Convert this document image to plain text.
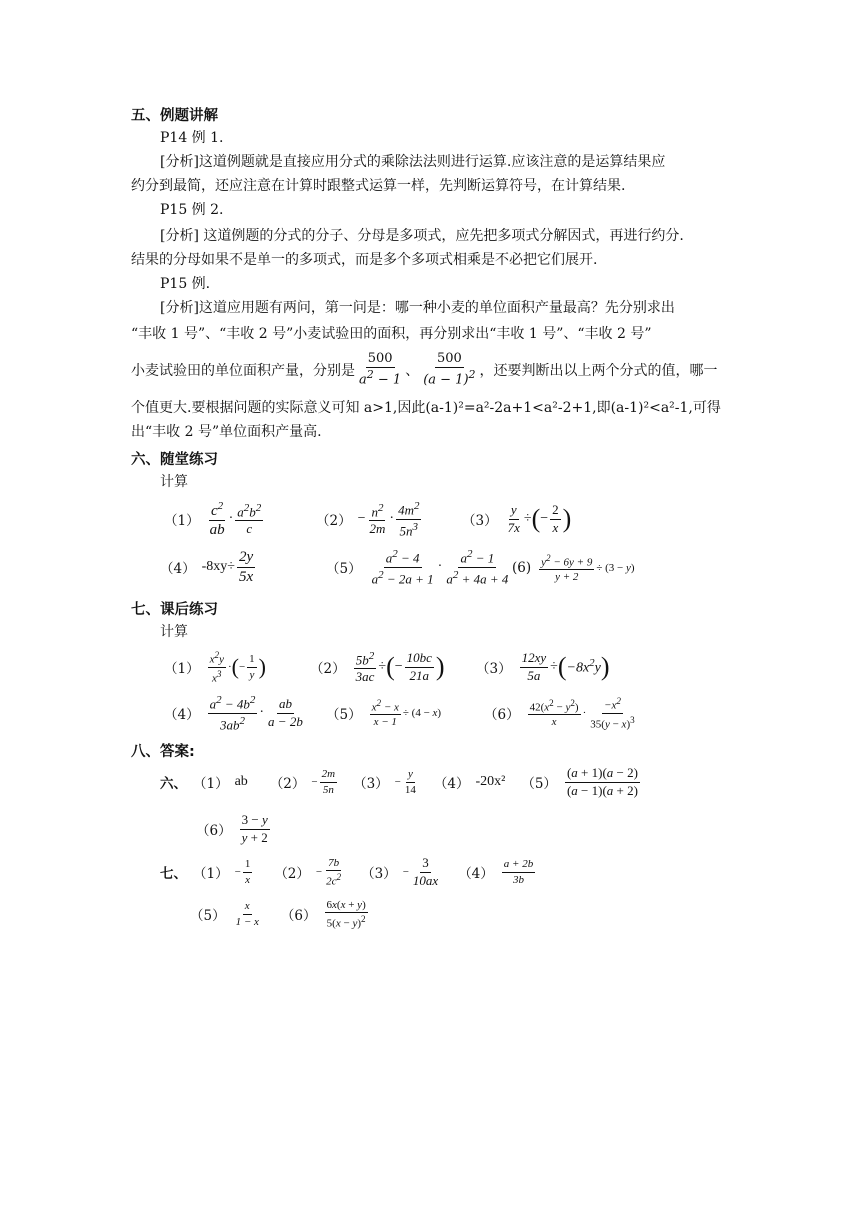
五、例题讲解
P14 例 1.
[分析]这道例题就是直接应用分式的乘除法法则进行运算.应该注意的是运算结果应
约分到最简，还应注意在计算时跟整式运算一样，先判断运算符号，在计算结果.
P15 例 2.
[分析] 这道例题的分式的分子、分母是多项式，应先把多项式分解因式，再进行约分.
结果的分母如果不是单一的多项式，而是多个多项式相乘是不必把它们展开.
P15 例.
[分析]这道应用题有两问，第一问是：哪一种小麦的单位面积产量最高？先分别求出
“丰收 1 号”、“丰收 2 号”小麦试验田的面积，再分别求出“丰收 1 号”、“丰收 2 号”
小麦试验田的单位面积产量，分别是
500
$a^2 - 1$
、
500
$(a - 1)^2$ ，还要判断出以上两个分式的值，哪一
个值更大.要根据问题的实际意义可知 a>1,因此(a-1)²=a²-2a+1<a²-2+1,即(a-1)²<a²-1,可得
出“丰收 2 号”单位面积产量高.
六、随堂练习
计算
（1）
$c^2$
ab
· $a^2b^2$
c	$(2) - \frac{n^2}{2m}$ ·
$4m^2$
$5n^3$	$(3) \frac{y}{7x}$ ÷ ( − $\frac{2}{x}$ )
（4） $-8xy \div \frac{2y}{5x}$	（5）
$a^2 - 4$
$a^2 - 2a + 1$
·
$a^2 - 1$
$a^2 + 4a + 4$
$(6) \frac{y^2 - 6y + 9}{y + 2} \div (3 - y)$
七、课后练习
计算
（1）
$x^2y$
$x^3$
· ( − $\frac{1}{y}$ )	$(2) \frac{5b^2}{3ac}$ ÷ ( − $\frac{10bc}{21a}$ ) $(3) \frac{12xy}{5a}$ ÷ ( $-8x^2y$ )
（4）
$a^2 - 4b^2$
$3ab^2$
·
ab
a − 2b $(5) \frac{x^2 - x}{x - 1} \div (4 - x)$	（6） $42(x^2 - y^2)$
x
·
$-x^2$
$35(y - x)^3$
八、答案:
六、 （1） ab $(2) - \frac{2m}{5n} (3) - \frac{y}{14} (4)$ -20x² （5）
(a + 1)(a − 2)
(a − 1)(a + 2)
（6）
3 − y
y + 2
七、 $(1) - \frac{1}{x} (2) - \frac{7b}{2c^2} (3) - \frac{3}{10ax} (4)$
a + 2b
3b
（5）
x
1 − x （6）
6x(x + y)
$5(x - y)^2$
